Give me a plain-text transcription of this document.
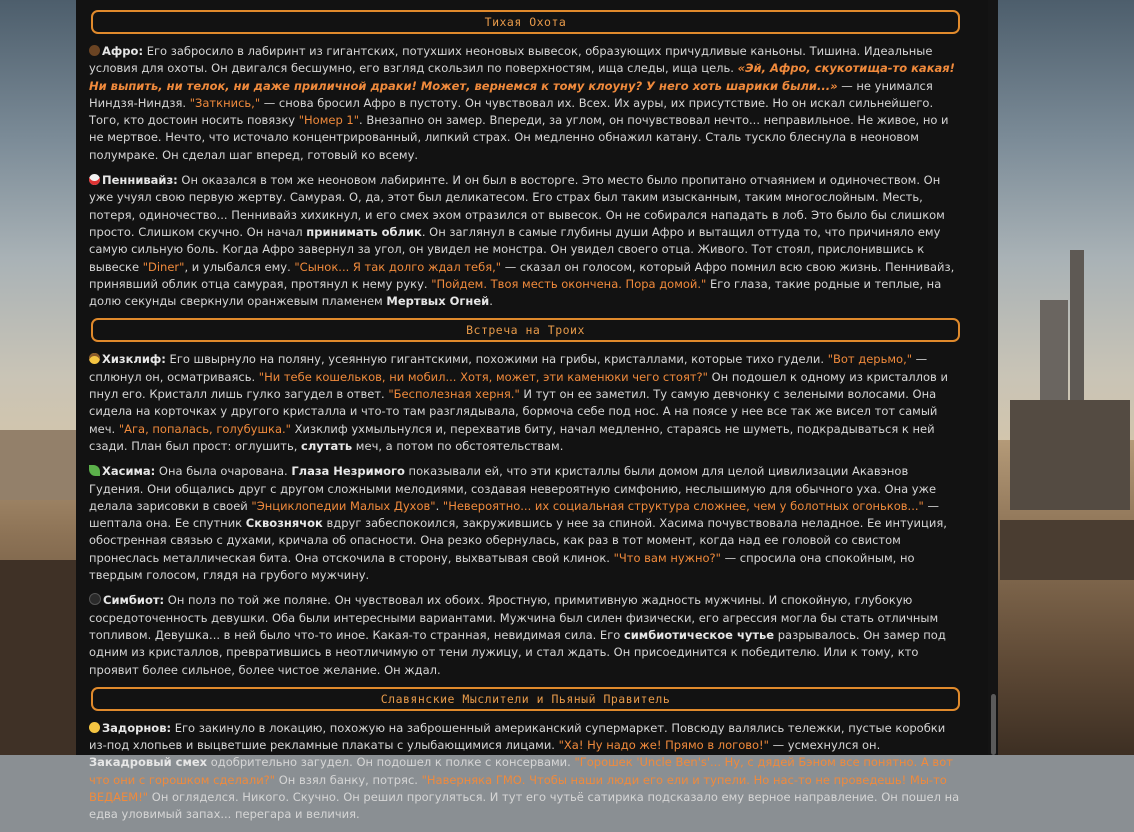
Тихая Охота

Афро: Его забросило в лабиринт из гигантских, потухших неоновых вывесок, образующих причудливые каньоны. Тишина. Идеальные условия для охоты. Он двигался бесшумно, его взгляд скользил по поверхностям, ища следы, ища цель. «Эй, Афро, скукотища-то какая! Ни выпить, ни телок, ни даже приличной драки! Может, вернемся к тому клоуну? У него хоть шарики были...» — не унимался Ниндзя-Ниндзя. "Заткнись," — снова бросил Афро в пустоту. Он чувствовал их. Всех. Их ауры, их присутствие. Но он искал сильнейшего. Того, кто достоин носить повязку "Номер 1". Внезапно он замер. Впереди, за углом, он почувствовал нечто... неправильное. Не живое, но и не мертвое. Нечто, что источало концентрированный, липкий страх. Он медленно обнажил катану. Сталь тускло блеснула в неоновом полумраке. Он сделал шаг вперед, готовый ко всему.

Пеннивайз: Он оказался в том же неоновом лабиринте. И он был в восторге. Это место было пропитано отчаянием и одиночеством. Он уже учуял свою первую жертву. Самурая. О, да, этот был деликатесом. Его страх был таким изысканным, таким многослойным. Месть, потеря, одиночество... Пеннивайз хихикнул, и его смех эхом отразился от вывесок. Он не собирался нападать в лоб. Это было бы слишком просто. Слишком скучно. Он начал принимать облик. Он заглянул в самые глубины души Афро и вытащил оттуда то, что причиняло ему самую сильную боль. Когда Афро завернул за угол, он увидел не монстра. Он увидел своего отца. Живого. Тот стоял, прислонившись к вывеске "Diner", и улыбался ему. "Сынок... Я так долго ждал тебя," — сказал он голосом, который Афро помнил всю свою жизнь. Пеннивайз, принявший облик отца самурая, протянул к нему руку. "Пойдем. Твоя месть окончена. Пора домой." Его глаза, такие родные и теплые, на долю секунды сверкнули оранжевым пламенем Мертвых Огней.

Встреча на Троих

Хизклиф: Его швырнуло на поляну, усеянную гигантскими, похожими на грибы, кристаллами, которые тихо гудели. "Вот дерьмо," — сплюнул он, осматриваясь. "Ни тебе кошельков, ни мобил... Хотя, может, эти каменюки чего стоят?" Он подошел к одному из кристаллов и пнул его. Кристалл лишь гулко загудел в ответ. "Бесполезная херня." И тут он ее заметил. Ту самую девчонку с зелеными волосами. Она сидела на корточках у другого кристалла и что-то там разглядывала, бормоча себе под нос. А на поясе у нее все так же висел тот самый меч. "Ага, попалась, голубушка." Хизклиф ухмыльнулся и, перехватив биту, начал медленно, стараясь не шуметь, подкрадываться к ней сзади. План был прост: оглушить, слутать меч, а потом по обстоятельствам.

Хасима: Она была очарована. Глаза Незримого показывали ей, что эти кристаллы были домом для целой цивилизации Акавэнов Гудения. Они общались друг с другом сложными мелодиями, создавая невероятную симфонию, неслышимую для обычного уха. Она уже делала зарисовки в своей "Энциклопедии Малых Духов". "Невероятно... их социальная структура сложнее, чем у болотных огоньков..." — шептала она. Ее спутник Сквознячок вдруг забеспокоился, закружившись у нее за спиной. Хасима почувствовала неладное. Ее интуиция, обостренная связью с духами, кричала об опасности. Она резко обернулась, как раз в тот момент, когда над ее головой со свистом пронеслась металлическая бита. Она отскочила в сторону, выхватывая свой клинок. "Что вам нужно?" — спросила она спокойным, но твердым голосом, глядя на грубого мужчину.

Симбиот: Он полз по той же поляне. Он чувствовал их обоих. Яростную, примитивную жадность мужчины. И спокойную, глубокую сосредоточенность девушки. Оба были интересными вариантами. Мужчина был силен физически, его агрессия могла бы стать отличным топливом. Девушка... в ней было что-то иное. Какая-то странная, невидимая сила. Его симбиотическое чутье разрывалось. Он замер под одним из кристаллов, превратившись в неотличимую от тени лужицу, и стал ждать. Он присоединится к победителю. Или к тому, кто проявит более сильное, более чистое желание. Он ждал.

Славянские Мыслители и Пьяный Правитель

Задорнов: Его закинуло в локацию, похожую на заброшенный американский супермаркет. Повсюду валялись тележки, пустые коробки из-под хлопьев и выцветшие рекламные плакаты с улыбающимися лицами. "Ха! Ну надо же! Прямо в логово!" — усмехнулся он. Закадровый смех одобрительно загудел. Он подошел к полке с консервами. "Горошек 'Uncle Ben's'... Ну, с дядей Бэном все понятно. А вот что они с горошком сделали?" Он взял банку, потряс. "Наверняка ГМО. Чтобы наши люди его ели и тупели. Но нас-то не проведешь! Мы-то ВЕДАЕМ!" Он огляделся. Никого. Скучно. Он решил прогуляться. И тут его чутьё сатирика подсказало ему верное направление. Он пошел на едва уловимый запах... перегара и величия.
